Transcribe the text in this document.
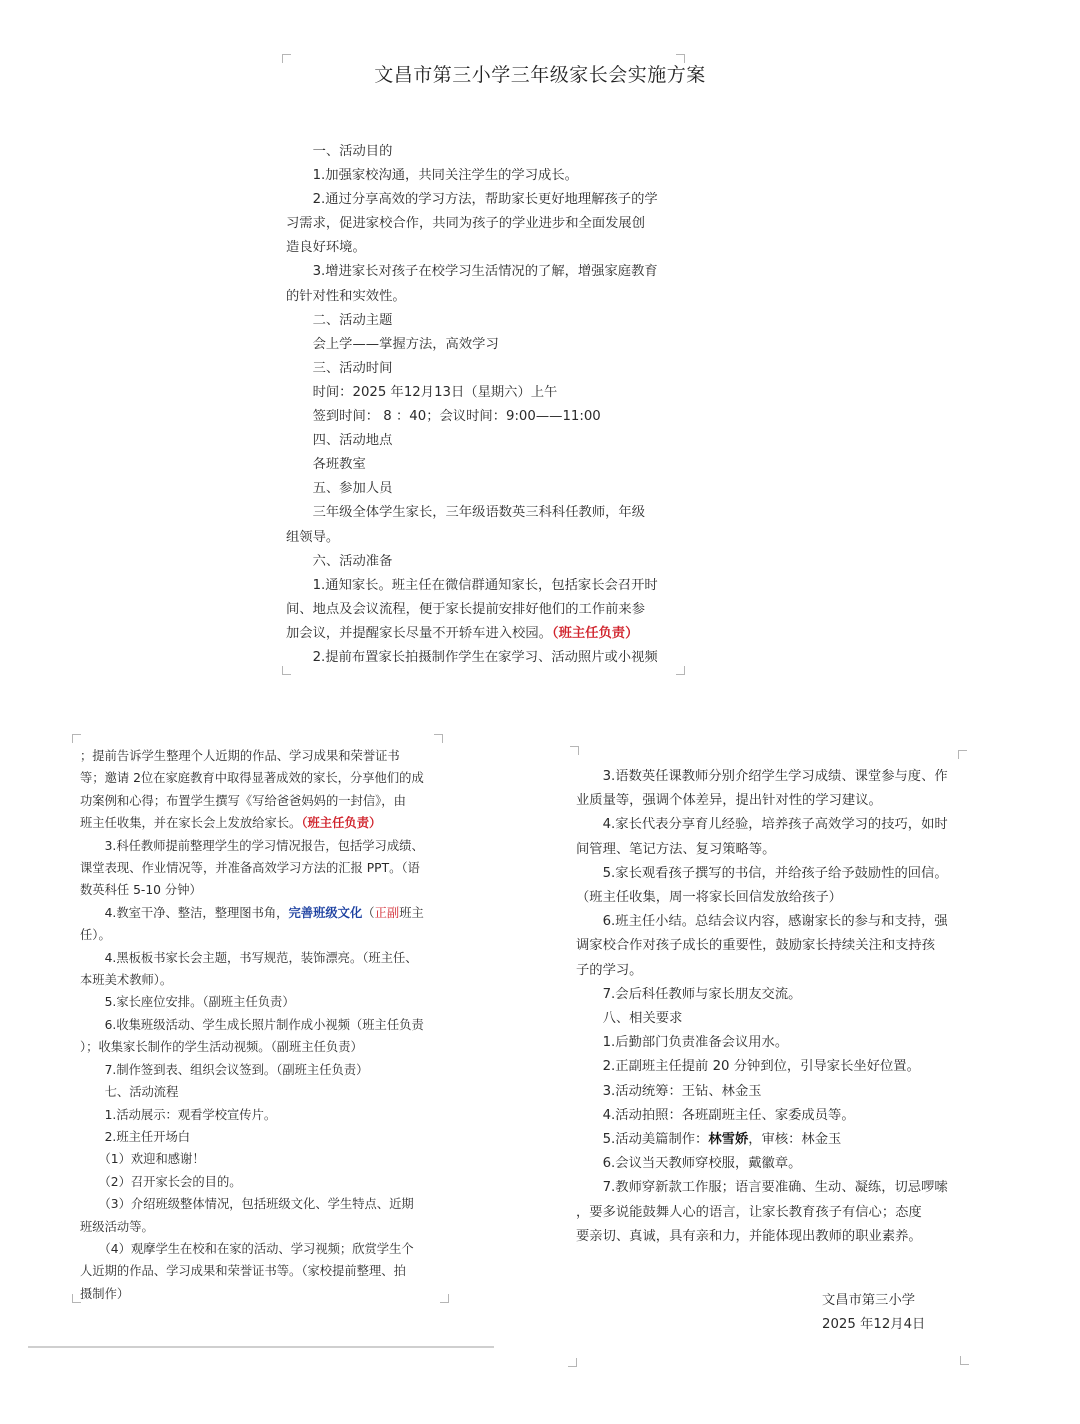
文昌市第三小学三年级家长会实施方案

　　一、活动目的

　　1.加强家校沟通，共同关注学生的学习成长。

　　2.通过分享高效的学习方法，帮助家长更好地理解孩子的学

习需求，促进家校合作，共同为孩子的学业进步和全面发展创

造良好环境。

　　3.增进家长对孩子在校学习生活情况的了解，增强家庭教育

的针对性和实效性。

　　二、活动主题

　　会上学——掌握方法，高效学习

　　三、活动时间

　　时间：2025 年12月13日（星期六）上午

　　签到时间： 8 ：40；会议时间：9:00——11:00

　　四、活动地点

　　各班教室

　　五、参加人员

　　三年级全体学生家长，三年级语数英三科科任教师，年级

组领导。

　　六、活动准备

　　1.通知家长。班主任在微信群通知家长，包括家长会召开时

间、地点及会议流程，便于家长提前安排好他们的工作前来参

加会议，并提醒家长尽量不开轿车进入校园。（班主任负责）

　　2.提前布置家长拍摄制作学生在家学习、活动照片或小视频

；提前告诉学生整理个人近期的作品、学习成果和荣誉证书

等；邀请 2位在家庭教育中取得显著成效的家长，分享他们的成

功案例和心得；布置学生撰写《写给爸爸妈妈的一封信》，由

班主任收集，并在家长会上发放给家长。（班主任负责）

　　3.科任教师提前整理学生的学习情况报告，包括学习成绩、

课堂表现、作业情况等，并准备高效学习方法的汇报 PPT。（语

数英科任 5-10 分钟）

　　4.教室干净、整洁，整理图书角，完善班级文化（正副班主

任）。

　　4.黑板板书家长会主题，书写规范，装饰漂亮。（班主任、

本班美术教师）。

　　5.家长座位安排。（副班主任负责）

　　6.收集班级活动、学生成长照片制作成小视频（班主任负责

）；收集家长制作的学生活动视频。（副班主任负责）

　　7.制作签到表、组织会议签到。（副班主任负责）

　　七、活动流程

　　1.活动展示：观看学校宣传片。

　　2.班主任开场白

　　（1）欢迎和感谢！

　　（2）召开家长会的目的。

　　（3）介绍班级整体情况，包括班级文化、学生特点、近期

班级活动等。

　　（4）观摩学生在校和在家的活动、学习视频；欣赏学生个

人近期的作品、学习成果和荣誉证书等。（家校提前整理、拍

摄制作）

　　3.语数英任课教师分别介绍学生学习成绩、课堂参与度、作

业质量等，强调个体差异，提出针对性的学习建议。

　　4.家长代表分享育儿经验，培养孩子高效学习的技巧，如时

间管理、笔记方法、复习策略等。

　　5.家长观看孩子撰写的书信，并给孩子给予鼓励性的回信。

（班主任收集，周一将家长回信发放给孩子）

　　6.班主任小结。总结会议内容，感谢家长的参与和支持，强

调家校合作对孩子成长的重要性，鼓励家长持续关注和支持孩

子的学习。

　　7.会后科任教师与家长朋友交流。

　　八、相关要求

　　1.后勤部门负责准备会议用水。

　　2.正副班主任提前 20 分钟到位，引导家长坐好位置。

　　3.活动统筹：王钻、林金玉

　　4.活动拍照：各班副班主任、家委成员等。

　　5.活动美篇制作：林雪娇，审核：林金玉

　　6.会议当天教师穿校服，戴徽章。

　　7.教师穿新款工作服；语言要准确、生动、凝练，切忌啰嗦

，要多说能鼓舞人心的语言，让家长教育孩子有信心；态度

要亲切、真诚，具有亲和力，并能体现出教师的职业素养。

文昌市第三小学

2025 年12月4日
